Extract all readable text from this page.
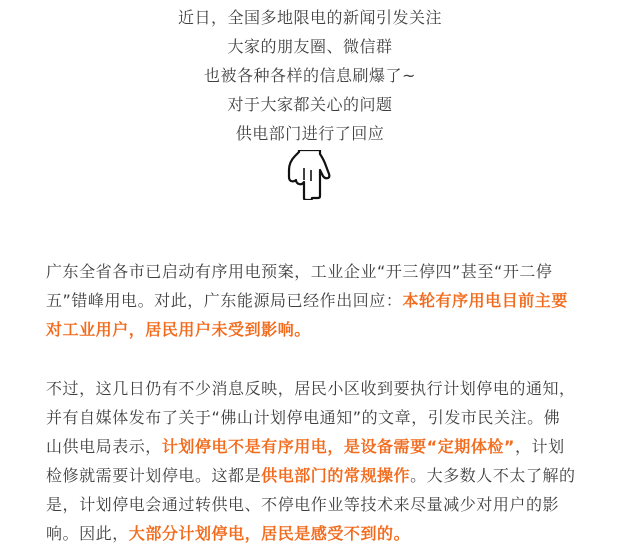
近日，全国多地限电的新闻引发关注
大家的朋友圈、微信群
也被各种各样的信息刷爆了~
对于大家都关心的问题
供电部门进行了回应
广东全省各市已启动有序用电预案，工业企业“开三停四”甚至“开二停五”错峰用电。对此，广东能源局已经作出回应：本轮有序用电目前主要对工业用户，居民用户未受到影响。
不过，这几日仍有不少消息反映，居民小区收到要执行计划停电的通知，并有自媒体发布了关于“佛山计划停电通知”的文章，引发市民关注。佛山供电局表示，计划停电不是有序用电，是设备需要“定期体检”，计划检修就需要计划停电。这都是供电部门的常规操作。大多数人不太了解的是，计划停电会通过转供电、不停电作业等技术来尽量减少对用户的影响。因此，大部分计划停电，居民是感受不到的。
